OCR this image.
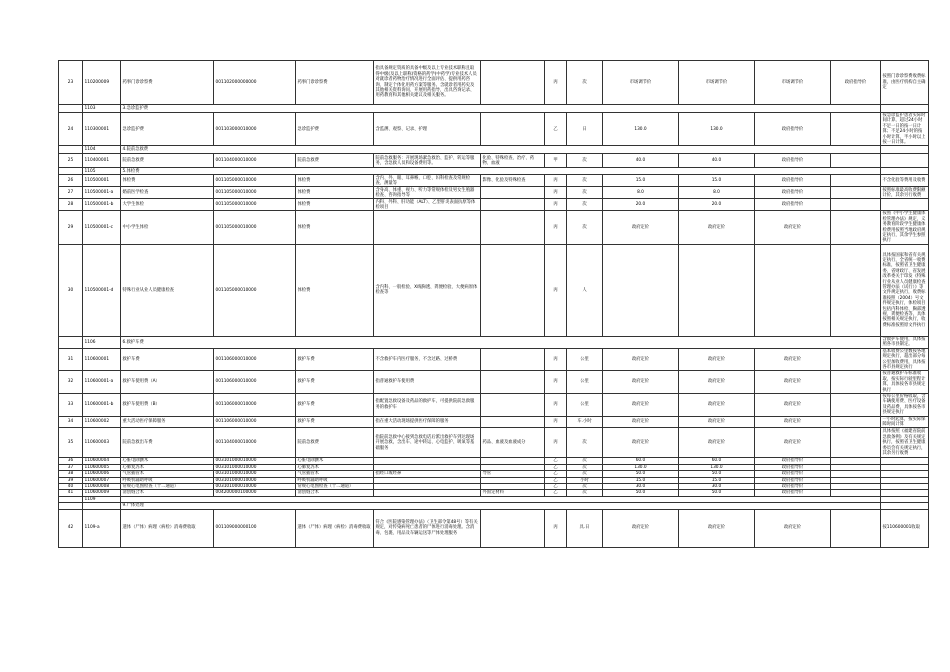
23	110200009	药事门诊诊察费	001102000000000	药事门诊诊察费	指具备规定资质的具备中级及以上专业技术职称且取得中级(及以上职称)资格的药学(中药学)专业技术人员对就诊者药物治疗情况进行全面评估、提供用药咨询、制定个体化用药方案等服务。含就诊者用药史及其他相关资料询问、开展用药指导，出具咨询记录、用药教育和其他相关建议及相关服务。		丙	次	市场调节价	市场调节价	市场调节价	政府指导价	按照门诊诊察费收费标准，由医疗机构自主确定
	1103	3.急诊监护费											
24	110300001	急诊监护费	001103000010000	急诊监护费	含监测、观察、记录、护理		乙	日	130.0	130.0	政府指导价		按急诊监护患者实际时间计算，超过24小时不足一日的按一日计算；不足24小时的按小时计算，半小时以上按一日计算。
	1104	4.院前急救费											
25	110400001	院前急救费	001104000010000	院前急救费	院前急救服务：开展现场紧急救治、监护、转运等服务，含急救人员和设备费用等。	化验、特殊检查、治疗、药物、血液	甲	次	40.0	40.0	政府指导价		
	1105	5.体检费											
26	110500001	体检费	001105000010000	体检费	含内、外、眼、耳鼻喉、口腔、妇科检查及常规检查、测量等	影像、化验及特殊检查	丙	次	15.0	15.0	政府指导价		不含化验等费用及收费
27	110500001-a	婚前医学检查	001105000010000	体检费	含身高、体重、视力、听力等常规体检及男女生殖器检查、咨询指导等		丙	次	8.0	8.0	政府指导价		按照标准最高收费限额计价，其余另行收费
28	110500001-b	大学生体检	001105000010000	体检费	内科、外科、肝功能（ALT）、乙型肝炎表面抗原等体检项目		丙	次	20.0	20.0	政府指导价		
29	110500001-c	中小学生体检	001105000010000	体检费			丙	次	政府定价	政府定价	政府定价		按照《中小学生健康体检管理办法》规定，义务教育阶段学生健康体检费用按照当地政府规定执行，其余学生参照执行
30	110500001-d	特殊行业从业人员健康检查	001105000010000	体检费	含内科、一般检验、X线胸透、粪便检验、大便病原体检查等		丙	人					具体按国家和省有关规定执行，全省统一收费标准，按照省卫生健康委、省财政厅、省发展改革委关于印发《特殊行业从业人员健康检查管理办法（试行）》等文件规定执行，收费标准按照（2004）号文件规定执行，体检项目包括内科体检、胸部透视、粪便检查等，具体按照相关规定执行，收费标准按照原文件执行
	1106	6.救护车费											含救护车使用，具体按照各市县制定。
31	110600001	救护车费	001106000010000	救护车费	不含救护车内医疗服务，不含过路、过桥费		丙	公里	政府定价	政府定价	政府定价		基本收费公里数按各地规定执行，超出部分每公里加收费用，具体按各市县规定执行
32	110600001-a	救护车使用费（A）	001106000010000	救护车费	指普通救护车使用费		丙	公里	政府定价	政府定价	政府定价		按普通救护车标准收取，按实际行驶里程计算，具体按各市县规定执行
33	110600001-b	救护车使用费（B）	001106000010000	救护车费	指配置急救设备及药品的救护车，可提供院前急救服务的救护车		丙	公里	政府定价	政府定价	政府定价		按每公里价格收取，含车辆使用费、医疗设备及药品费，具体按各市县规定执行
34	110600002	重大活动医疗保障服务	001106000010000	救护车费	指在重大活动现场提供医疗保障的服务		丙	车.小时	政府定价	政府定价	政府定价		一小时起算，按实际保障时间计算
35	110600003	院前急救出车费	001104000010000	院前急救费	指院前急救中心接到急救电话后派出救护车到达现场开展急救，含出车、途中转运、心电监护、吸氧等基础服务	药品、血液及血液成分	丙	次	政府定价	政府定价	政府定价		具体按照《福建省院前急救条例》及有关规定执行，按照省卫生健康委员会有关规定执行，其余另行收费
36	110600004	心脏电除颤术	003101000010000	心脏电除颤术			乙	次	60.0	60.0	政府指导价		
37	110600005	心肺复苏术	003101000010000	心肺复苏术			乙	次	130.0	130.0	政府指导价		
38	110600006	气管插管术	003101000010000	气管插管术	指经口或经鼻	导管	乙	次	50.0	50.0	政府指导价		
39	110600007	呼吸机辅助呼吸	003101000010000	呼吸机辅助呼吸			乙	小时	15.0	15.0	政府指导价		
40	110600008	常规心电图检查（十二通道）	003101000010000	常规心电图检查（十二通道）			乙	次	30.0	30.0	政府指导价		
41	110600009	清创缝合术	004200000100000	清创缝合术		外固定材料	乙	次	50.0	50.0	政府指导价		
	1109												
		9.尸体处理											
42	1109-a	遗体（尸体）病理（病检）消毒费收取	001109000000100	遗体（尸体）病理（病检）消毒费收取	符合《医院感染管理办法》（卫生部令第48号）等有关规定，对传染病死亡患者的尸体进行消毒处理。含消毒、包裹、用品及车辆运送等尸体处理服务		丙	具.日	政府定价	政府定价	政府定价		按110600001收取
